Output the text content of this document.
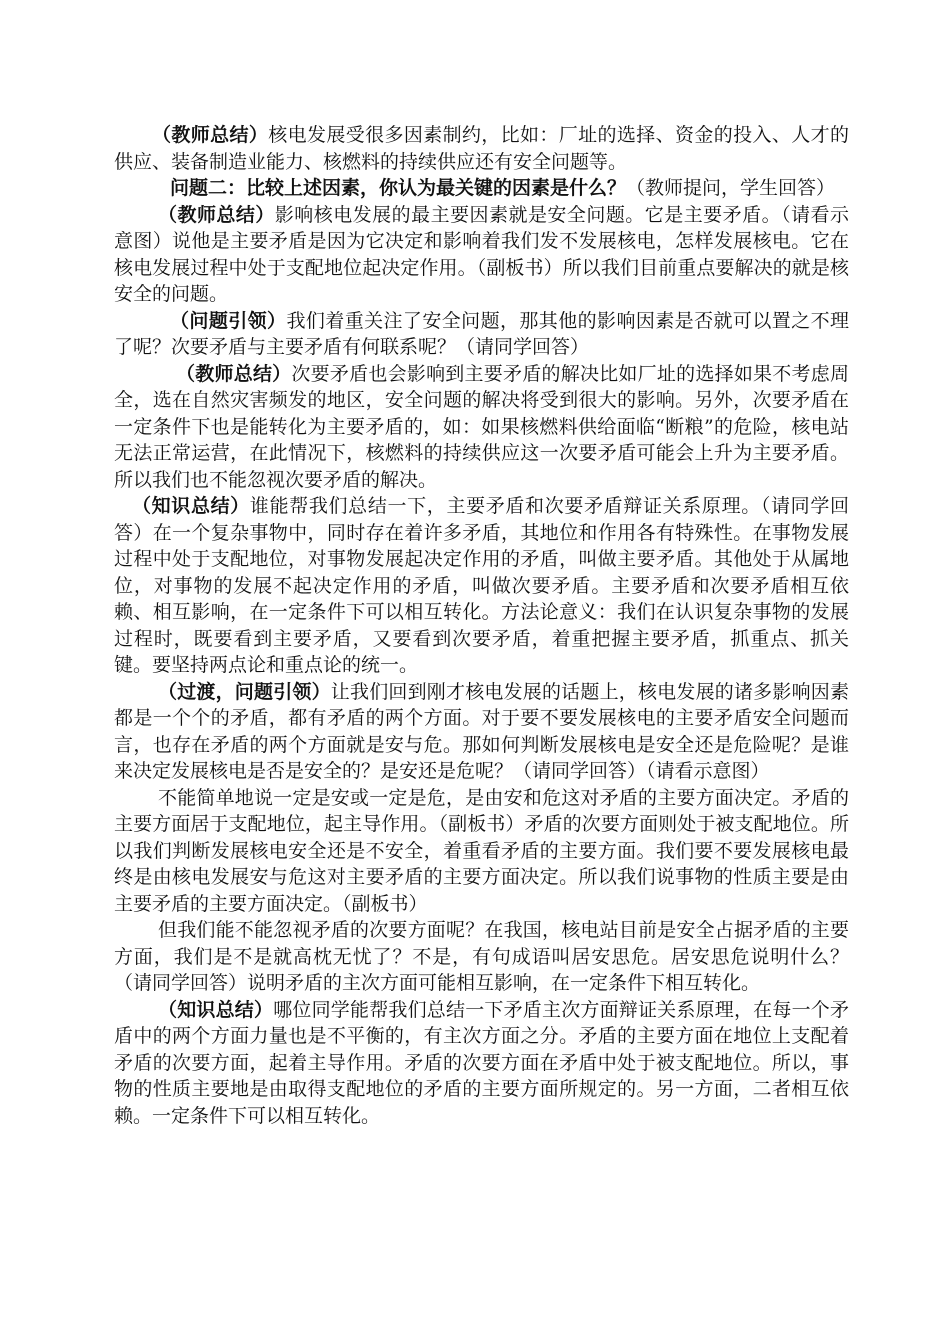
（教师总结）核电发展受很多因素制约，比如：厂址的选择、资金的投入、人才的供应、装备制造业能力、核燃料的持续供应还有安全问题等。

问题二：比较上述因素，你认为最关键的因素是什么？（教师提问，学生回答）

（教师总结）影响核电发展的最主要因素就是安全问题。它是主要矛盾。（请看示意图）说他是主要矛盾是因为它决定和影响着我们发不发展核电，怎样发展核电。它在核电发展过程中处于支配地位起决定作用。（副板书）所以我们目前重点要解决的就是核安全的问题。

（问题引领）我们着重关注了安全问题，那其他的影响因素是否就可以置之不理了呢？次要矛盾与主要矛盾有何联系呢？（请同学回答）

（教师总结）次要矛盾也会影响到主要矛盾的解决比如厂址的选择如果不考虑周全，选在自然灾害频发的地区，安全问题的解决将受到很大的影响。另外，次要矛盾在一定条件下也是能转化为主要矛盾的，如：如果核燃料供给面临“断粮”的危险，核电站无法正常运营，在此情况下，核燃料的持续供应这一次要矛盾可能会上升为主要矛盾。所以我们也不能忽视次要矛盾的解决。

（知识总结）谁能帮我们总结一下，主要矛盾和次要矛盾辩证关系原理。（请同学回答）在一个复杂事物中，同时存在着许多矛盾，其地位和作用各有特殊性。在事物发展过程中处于支配地位，对事物发展起决定作用的矛盾，叫做主要矛盾。其他处于从属地位，对事物的发展不起决定作用的矛盾，叫做次要矛盾。主要矛盾和次要矛盾相互依赖、相互影响，在一定条件下可以相互转化。方法论意义：我们在认识复杂事物的发展过程时，既要看到主要矛盾，又要看到次要矛盾，着重把握主要矛盾，抓重点、抓关键。要坚持两点论和重点论的统一。

（过渡，问题引领）让我们回到刚才核电发展的话题上，核电发展的诸多影响因素都是一个个的矛盾，都有矛盾的两个方面。对于要不要发展核电的主要矛盾安全问题而言，也存在矛盾的两个方面就是安与危。那如何判断发展核电是安全还是危险呢？是谁来决定发展核电是否是安全的？是安还是危呢？（请同学回答）（请看示意图）

不能简单地说一定是安或一定是危，是由安和危这对矛盾的主要方面决定。矛盾的主要方面居于支配地位，起主导作用。（副板书）矛盾的次要方面则处于被支配地位。所以我们判断发展核电安全还是不安全，着重看矛盾的主要方面。我们要不要发展核电最终是由核电发展安与危这对主要矛盾的主要方面决定。所以我们说事物的性质主要是由主要矛盾的主要方面决定。（副板书）

但我们能不能忽视矛盾的次要方面呢？在我国，核电站目前是安全占据矛盾的主要方面，我们是不是就高枕无忧了？不是，有句成语叫居安思危。居安思危说明什么？（请同学回答）说明矛盾的主次方面可能相互影响，在一定条件下相互转化。

（知识总结）哪位同学能帮我们总结一下矛盾主次方面辩证关系原理，在每一个矛盾中的两个方面力量也是不平衡的，有主次方面之分。矛盾的主要方面在地位上支配着矛盾的次要方面，起着主导作用。矛盾的次要方面在矛盾中处于被支配地位。所以，事物的性质主要地是由取得支配地位的矛盾的主要方面所规定的。另一方面，二者相互依赖。一定条件下可以相互转化。
